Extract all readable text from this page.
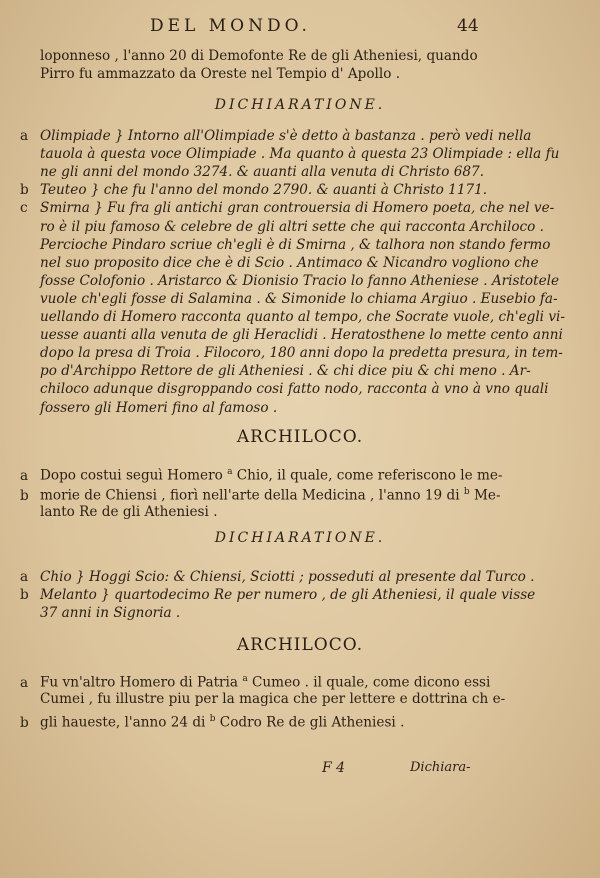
DEL MONDO.	44
loponneso , l'anno 20 di Demofonte Re de gli Atheniesi, quando
Pirro fu ammazzato da Oreste nel Tempio d' Apollo .
DICHIARATIONE.
a Olimpiade } Intorno all'Olimpiade s'è detto à bastanza . però vedi nella
tauola à questa voce Olimpiade . Ma quanto à questa 23 Olimpiade : ella fu
ne gli anni del mondo 3274. & auanti alla venuta di Christo 687.
b Teuteo } che fu l'anno del mondo 2790. & auanti à Christo 1171.
c Smirna } Fu fra gli antichi gran controuersia di Homero poeta, che nel ve-
ro è il piu famoso & celebre de gli altri sette che qui racconta Archiloco .
Percioche Pindaro scriue ch'egli è di Smirna , & talhora non stando fermo
nel suo proposito dice che è di Scio . Antimaco & Nicandro vogliono che
fosse Colofonio . Aristarco & Dionisio Tracio lo fanno Atheniese . Aristotele
vuole ch'egli fosse di Salamina . & Simonide lo chiama Argiuo . Eusebio fa-
uellando di Homero racconta quanto al tempo, che Socrate vuole, ch'egli vi-
uesse auanti alla venuta de gli Heraclidi . Heratosthene lo mette cento anni
dopo la presa di Troia . Filocoro, 180 anni dopo la predetta presura, in tem-
po d'Archippo Rettore de gli Atheniesi . & chi dice piu & chi meno . Ar-
chiloco adunque disgroppando cosi fatto nodo, racconta à vno à vno quali
fossero gli Homeri fino al famoso .
ARCHILOCO.
a Dopo costui seguì Homero $^a$ Chio, il quale, come referiscono le me-
b morie de Chiensi , fiorì nell'arte della Medicina , l'anno 19 di $^b$ Me-
lanto Re de gli Atheniesi .
DICHIARATIONE.
a Chio } Hoggi Scio: & Chiensi, Sciotti ; posseduti al presente dal Turco .
b Melanto } quartodecimo Re per numero , de gli Atheniesi, il quale visse
37 anni in Signoria .
ARCHILOCO.
a Fu vn'altro Homero di Patria $^a$ Cumeo . il quale, come dicono essi
Cumei , fu illustre piu per la magica che per lettere e dottrina ch e-
b gli haueste, l'anno 24 di $^b$ Codro Re de gli Atheniesi .
F 4	Dichiara-
